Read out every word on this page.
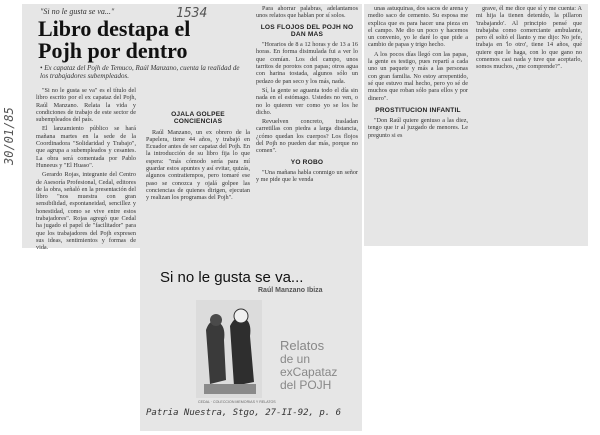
1534
30/01/85
"Si no le gusta se va..."
Libro destapa el
Pojh por dentro
• Ex capataz del Pojh de Temuco, Raúl Manzano, cuenta la realidad de los trabajadores subempleados.

"Si no le gusta se va" es el título del libro escrito por el ex capataz del Pojh, Raúl Manzano. Relata la vida y condiciones de trabajo de este sector de subempleados del país.

El lanzamiento público se hará mañana martes en la sede de la Coordinadora "Solidaridad y Trabajo", que agrupa a subempleados y cesantes. La obra será comentada por Pablo Huneeus y "El Huaso".

Gerardo Rojas, integrante del Centro de Asesoría Profesional, Cedal, editores de la obra, señaló en la presentación del libro "nos muestra con gran sensibilidad, espontaneidad, sencillez y honestidad, como se vive entre estos trabajadores". Rojas agregó que Cedal ha jugado el papel de "facilitador" para que los trabajadores del Pojh expresen sus ideas, sentimientos y formas de vida.

OJALA GOLPEE CONCIENCIAS

Raúl Manzano, un ex obrero de la Papelera, tiene 44 años, y trabajó en Ecuador antes de ser capataz del Pojh. En la introducción de su libro fija lo que espera: "más cómodo sería para mí guardar estos apuntes y así evitar, quizás, algunos contratiempos, pero tomaré ese paso se conozca y ojalá golpee las conciencias de quienes dirigen, ejecutan y realizan los programas del Pojh".

Para ahorrar palabras, adelantamos unos relatos que hablan por sí solos.

LOS FLOJOS DEL POJH NO DAN MAS

"Horarios de 8 a 12 horas y de 13 a 16 horas. En forma disimulada fui a ver lo que comían. Los del campo, unos tarritos de porotos con papas; otros agua con harina tostada, algunos sólo un pedazo de pan seco y los más, nada.

Sí, la gente se aguanta todo el día sin nada en el estómago. Ustedes no ven, o no lo quieren ver como yo se los he dicho.

Revuelven concreto, trasladan carretillas con piedra a larga distancia, ¿cómo quedan los cuerpos? Los flojos del Pojh no pueden dar más, porque no comen".

YO ROBO

"Una mañana habla conmigo un señor y me pide que le venda

unas astuquinas, dos sacos de arena y medio saco de cemento. Su esposa me explica que es para hacer una pieza en el campo. Me dio un poco y hacemos un convenio, yo le daré lo que pide a cambio de papas y trigo hecho.

A los pocos días llegó con las papas, la gente es testigo, pues repartí a cada uno un paquete y más a las personas con gran familia. No estoy arrepentido, sé que estuvo mal hecho, pero yo sé de muchos que roban sólo para ellos y por dinero".

PROSTITUCION INFANTIL

"Don Raúl quiere geniuso a las diez, tengo que ir al juzgado de menores. Le pregunto si es

grave, él me dice que sí y me cuenta: A mi hija la tienen detenido, la pillaron 'trabajando'. Al principio pensé que trabajaba como comerciante ambulante, pero él soltó el llanto y me dijo: No jefe, trabaja en 'lo otro', tiene 14 años, qué quiere que le haga, con lo que gano no comemos casi nada y tuve que aceptarlo, somos muchos, ¿me comprende?".

Si no le gusta se va...
Raúl Manzano Ibiza
Relatos
de un
exCapataz
del POJH
CEDAL · COLECCION MEMORIAS Y RELATOS
Patria Nuestra, Stgo, 27-II-92, p. 6
